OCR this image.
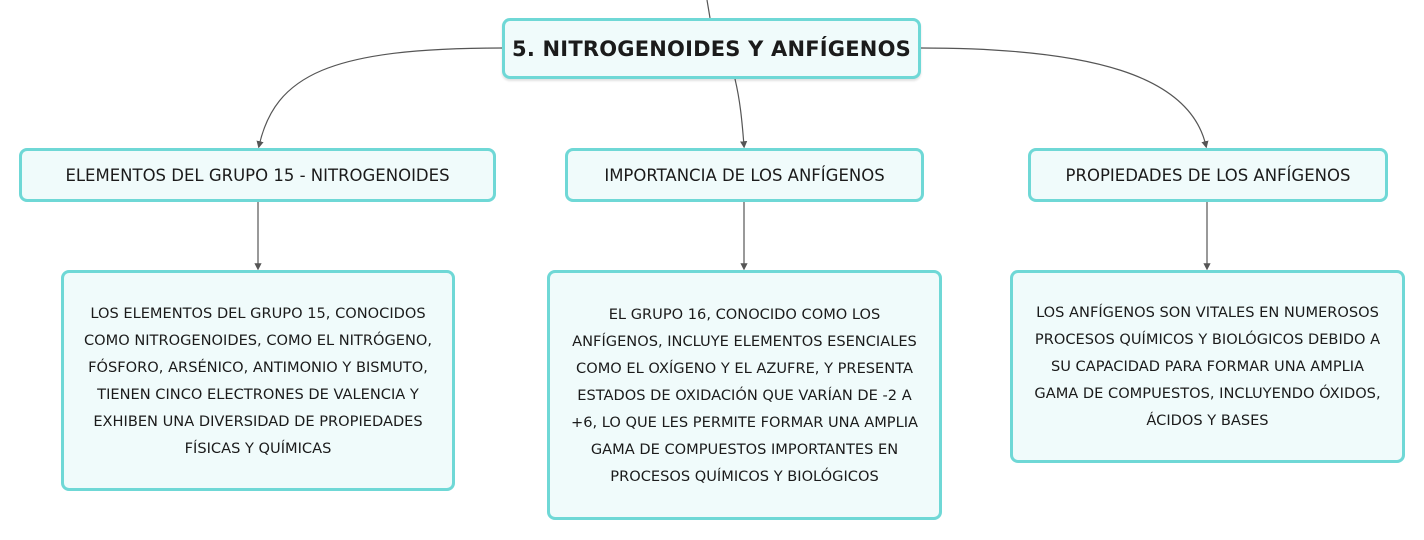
5. NITROGENOIDES Y ANFÍGENOS
ELEMENTOS DEL GRUPO 15 - NITROGENOIDES	IMPORTANCIA DE LOS ANFÍGENOS	PROPIEDADES DE LOS ANFÍGENOS
LOS ELEMENTOS DEL GRUPO 15, CONOCIDOS COMO NITROGENOIDES, COMO EL NITRÓGENO, FÓSFORO, ARSÉNICO, ANTIMONIO Y BISMUTO, TIENEN CINCO ELECTRONES DE VALENCIA Y EXHIBEN UNA DIVERSIDAD DE PROPIEDADES FÍSICAS Y QUÍMICAS
EL GRUPO 16, CONOCIDO COMO LOS ANFÍGENOS, INCLUYE ELEMENTOS ESENCIALES COMO EL OXÍGENO Y EL AZUFRE, Y PRESENTA ESTADOS DE OXIDACIÓN QUE VARÍAN DE -2 A +6, LO QUE LES PERMITE FORMAR UNA AMPLIA GAMA DE COMPUESTOS IMPORTANTES EN PROCESOS QUÍMICOS Y BIOLÓGICOS
LOS ANFÍGENOS SON VITALES EN NUMEROSOS PROCESOS QUÍMICOS Y BIOLÓGICOS DEBIDO A SU CAPACIDAD PARA FORMAR UNA AMPLIA GAMA DE COMPUESTOS, INCLUYENDO ÓXIDOS, ÁCIDOS Y BASES
